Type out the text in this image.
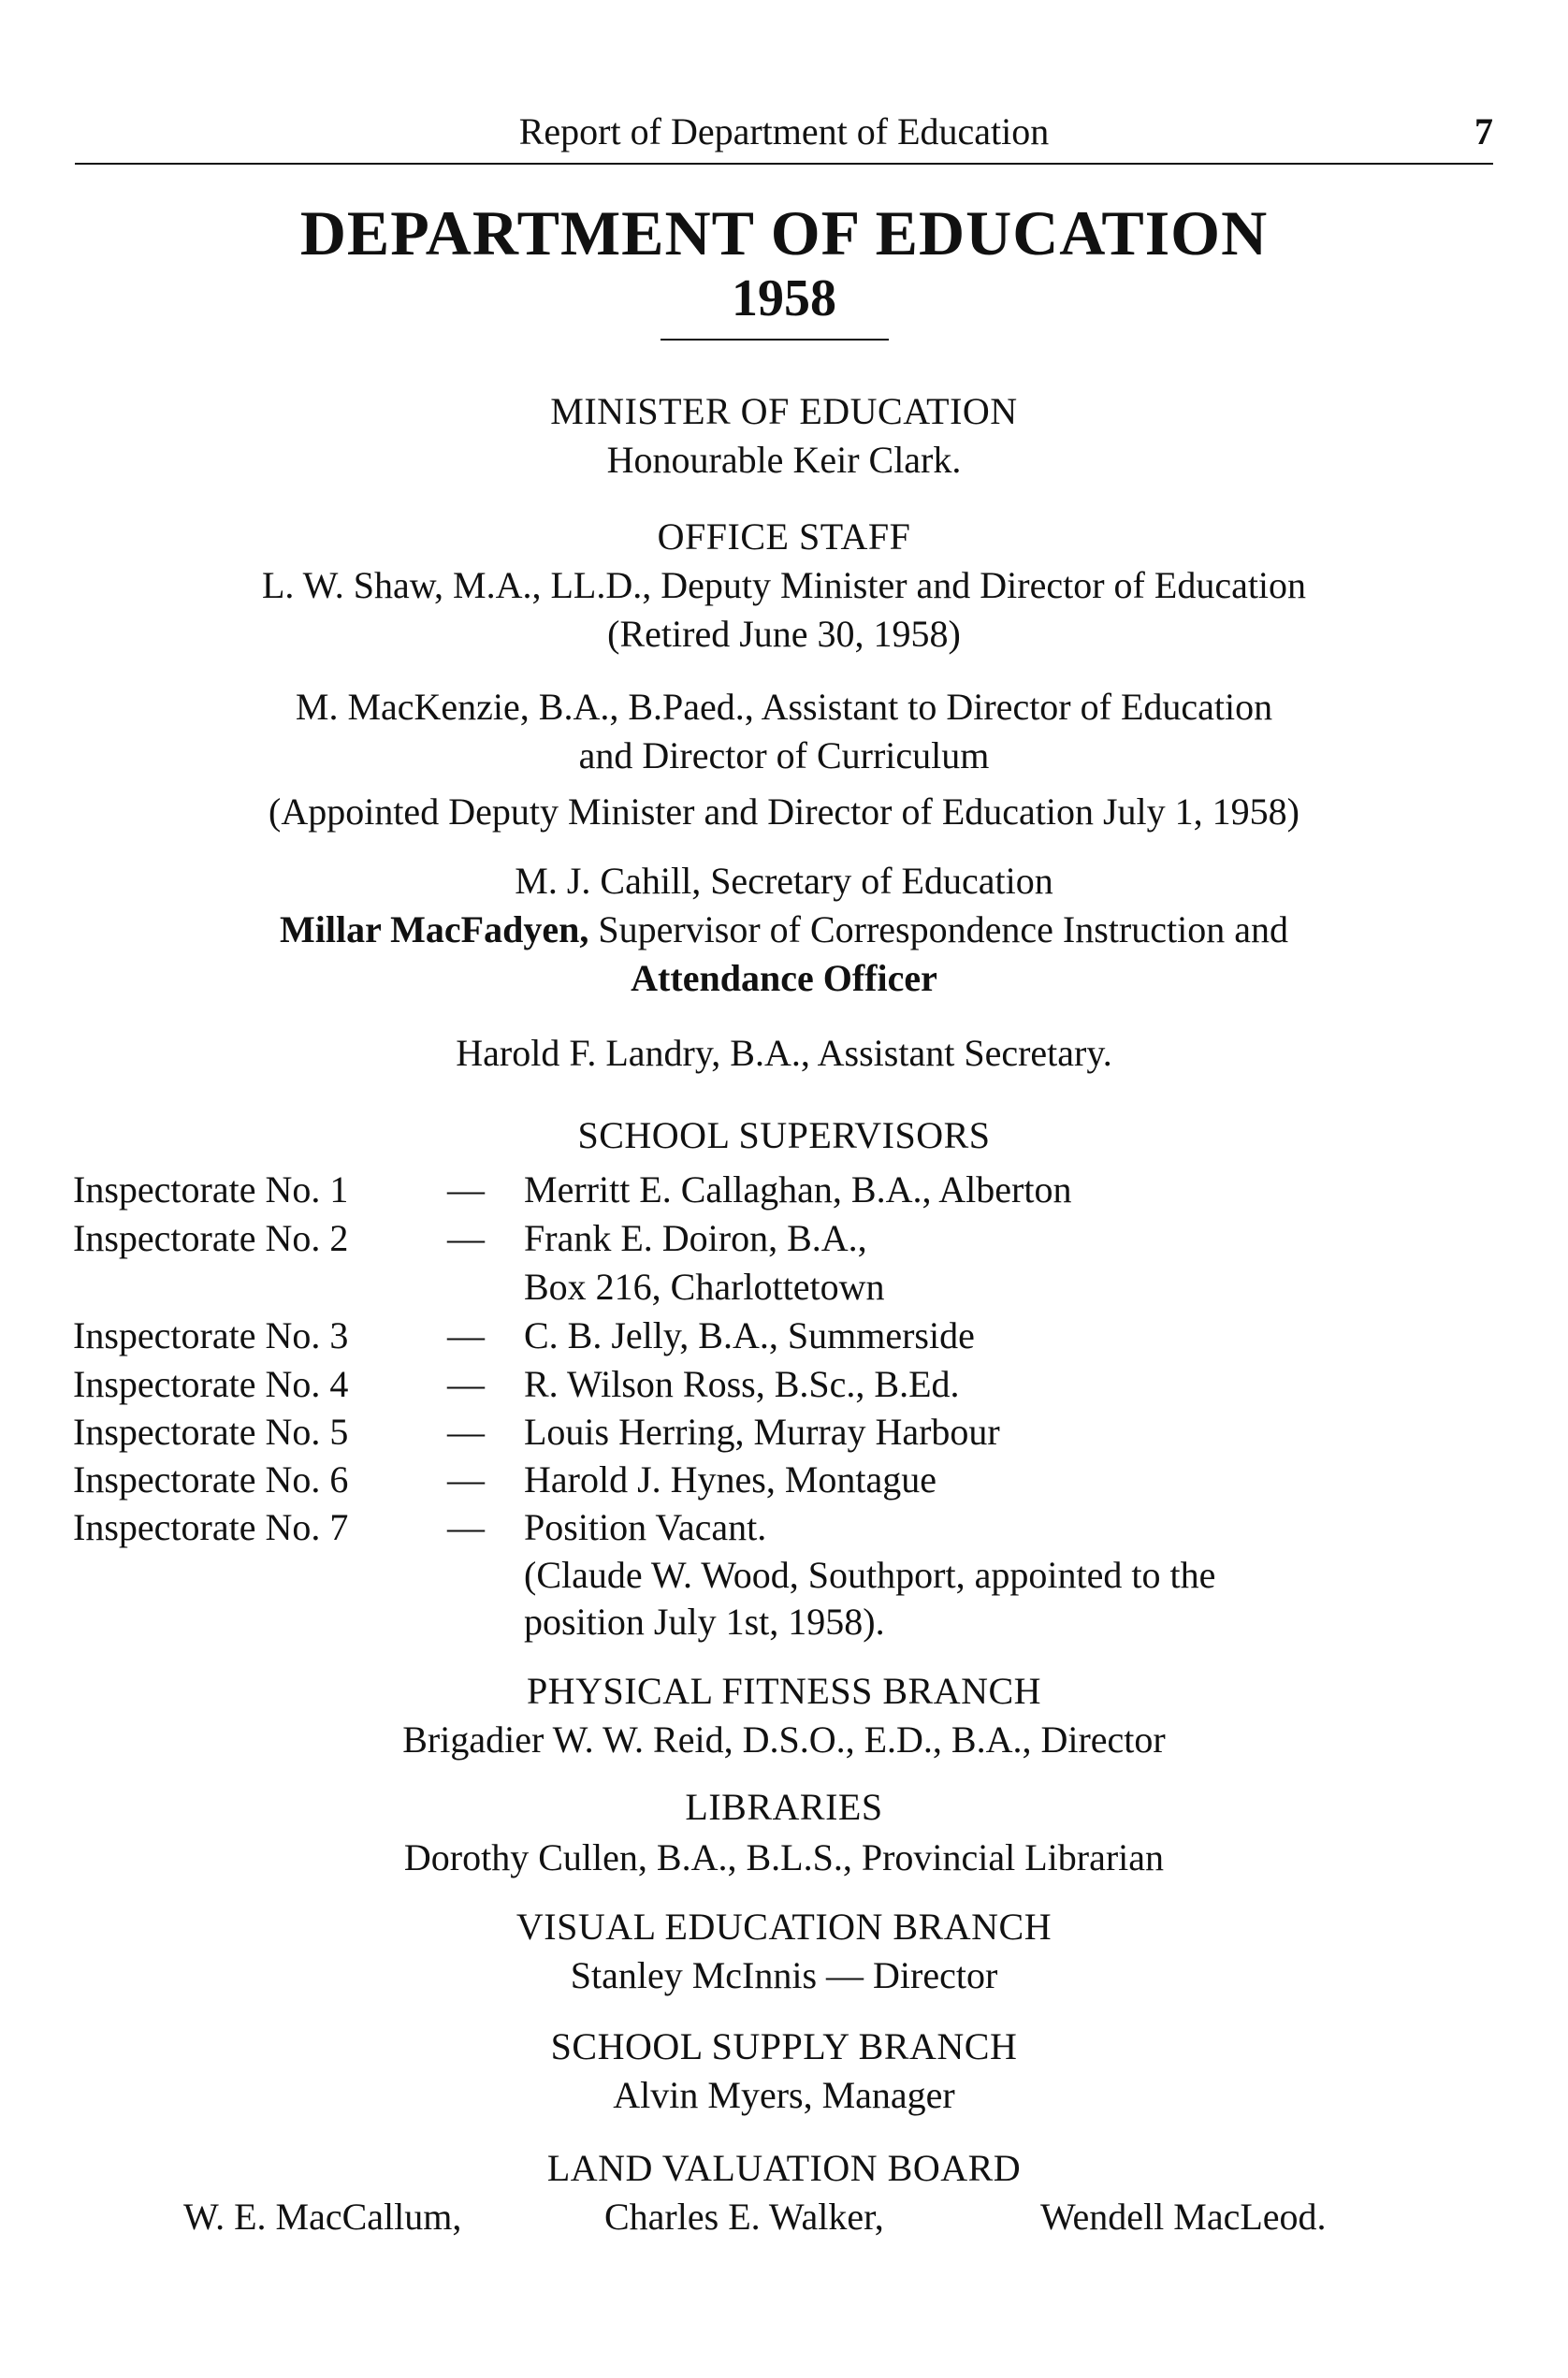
Report of Department of Education	7
DEPARTMENT OF EDUCATION
1958
MINISTER OF EDUCATION
Honourable Keir Clark.
OFFICE STAFF
L. W. Shaw, M.A., LL.D., Deputy Minister and Director of Education
(Retired June 30, 1958)
M. MacKenzie, B.A., B.Paed., Assistant to Director of Education
and Director of Curriculum
(Appointed Deputy Minister and Director of Education July 1, 1958)
M. J. Cahill, Secretary of Education
Millar MacFadyen, Supervisor of Correspondence Instruction and
Attendance Officer
Harold F. Landry, B.A., Assistant Secretary.
SCHOOL SUPERVISORS
Inspectorate No. 1	— Merritt E. Callaghan, B.A., Alberton
Inspectorate No. 2	— Frank E. Doiron, B.A.,
Box 216, Charlottetown
Inspectorate No. 3	— C. B. Jelly, B.A., Summerside
Inspectorate No. 4	— R. Wilson Ross, B.Sc., B.Ed.
Inspectorate No. 5	— Louis Herring, Murray Harbour
Inspectorate No. 6	— Harold J. Hynes, Montague
Inspectorate No. 7	— Position Vacant.
(Claude W. Wood, Southport, appointed to the
position July 1st, 1958).
PHYSICAL FITNESS BRANCH
Brigadier W. W. Reid, D.S.O., E.D., B.A., Director
LIBRARIES
Dorothy Cullen, B.A., B.L.S., Provincial Librarian
VISUAL EDUCATION BRANCH
Stanley McInnis — Director
SCHOOL SUPPLY BRANCH
Alvin Myers, Manager
LAND VALUATION BOARD
W. E. MacCallum,	Charles E. Walker,	Wendell MacLeod.
